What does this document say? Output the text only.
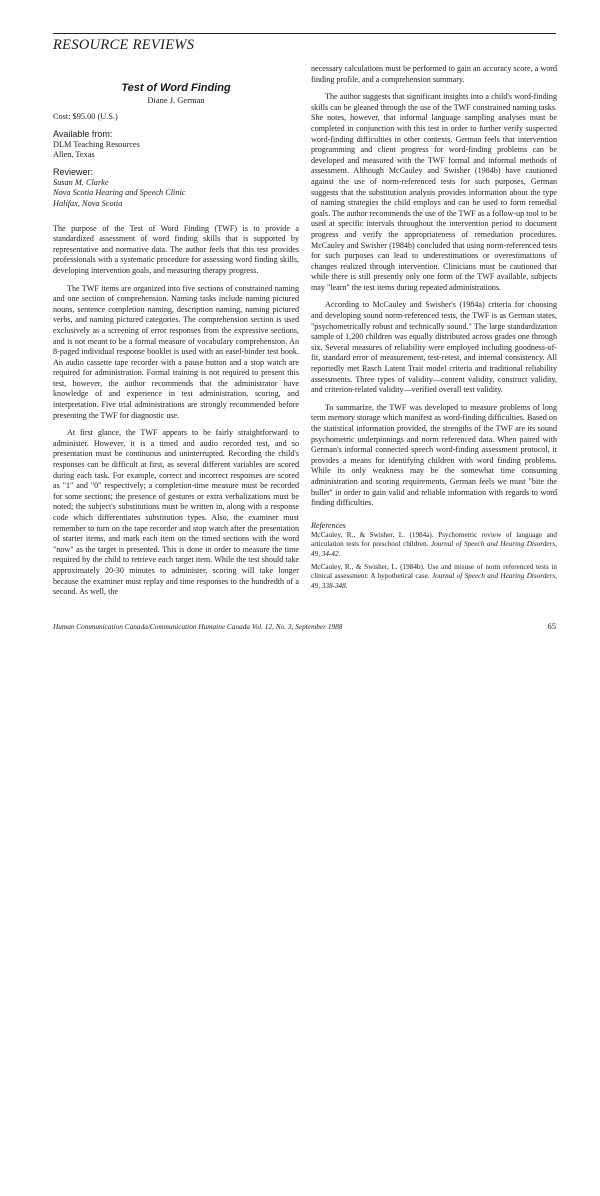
RESOURCE REVIEWS
Test of Word Finding
Diane J. German
Cost: $95.00 (U.S.)
Available from:
DLM Teaching Resources
Allen, Texas
Reviewer:
Susan M. Clarke
Nova Scotia Hearing and Speech Clinic
Halifax, Nova Scotia

The purpose of the Test of Word Finding (TWF) is to provide a standardized assessment of word finding skills that is supported by representative and normative data. The author feels that this test provides professionals with a systematic procedure for assessing word finding skills, developing intervention goals, and measuring therapy progress.

The TWF items are organized into five sections of constrained naming and one section of comprehension. Naming tasks include naming pictured nouns, sentence completion naming, description naming, naming pictured verbs, and naming pictured categories. The comprehension section is used exclusively as a screening of error responses from the expressive sections, and is not meant to be a formal measure of vocabulary comprehension. An 8-paged individual response booklet is used with an easel-binder test book. An audio cassette tape recorder with a pause button and a stop watch are required for administration. Formal training is not required to present this test, however, the author recommends that the administrator have knowledge of and experience in test administration, scoring, and interpretation. Five trial administrations are strongly recommended before presenting the TWF for diagnostic use.

At first glance, the TWF appears to be fairly straightforward to administer. However, it is a timed and audio recorded test, and so presentation must be continuous and uninterrupted. Recording the child's responses can be difficult at first, as several different variables are scored during each task. For example, correct and incorrect responses are scored as "1" and "0" respectively; a completion-time measure must be recorded for some sections; the presence of gestures or extra verbalizations must be noted; the subject's substitutions must be written in, along with a response code which differentiates substitution types. Also, the examiner must remember to turn on the tape recorder and stop watch after the presentation of starter items, and mark each item on the timed sections with the word "now" as the target is presented. This is done in order to measure the time required by the child to retrieve each target item. While the test should take approximately 20-30 minutes to administer, scoring will take longer because the examiner must replay and time responses to the hundredth of a second. As well, the

necessary calculations must be performed to gain an accuracy score, a word finding profile, and a comprehension summary.

The author suggests that significant insights into a child's word-finding skills can be gleaned through the use of the TWF constrained naming tasks. She notes, however, that informal language sampling analyses must be completed in conjunction with this test in order to further verify suspected word-finding difficulties in other contexts. German feels that intervention programming and client progress for word-finding problems can be developed and measured with the TWF formal and informal methods of assessment. Although McCauley and Swisher (1984b) have cautioned against the use of norm-referenced tests for such purposes, German suggests that the substitution analysis provides information about the type of naming strategies the child employs and can be used to form remedial goals. The author recommends the use of the TWF as a follow-up tool to be used at specific intervals throughout the intervention period to document progress and verify the appropriateness of remediation procedures. McCauley and Swisher (1984b) concluded that using norm-referenced tests for such purposes can lead to underestimations or overestimations of changes realized through intervention. Clinicians must be cautioned that while there is still presently only one form of the TWF available, subjects may "learn" the test items during repeated administrations.

According to McCauley and Swisher's (1984a) criteria for choosing and developing sound norm-referenced tests, the TWF is as German states, "psychometrically robust and technically sound." The large standardization sample of 1,200 children was equally distributed across grades one through six. Several measures of reliability were employed including goodness-of-fit, standard error of measurement, test-retest, and internal consistency. All reportedly met Rasch Latent Trait model criteria and traditional reliability assessments. Three types of validity—content validity, construct validity, and criterion-related validity—verified overall test validity.

To summarize, the TWF was developed to measure problems of long term memory storage which manifest as word-finding difficulties. Based on the statistical information provided, the strengths of the TWF are its sound psychometric underpinnings and norm referenced data. When paired with German's informal connected speech word-finding assessment protocol, it provides a means for identifying children with word finding problems. While its only weakness may be the somewhat time consuming administration and scoring requirements, German feels we must "bite the bullet" in order to gain valid and reliable information with regards to word finding difficulties.

References
McCauley, R., & Swisher, L. (1984a). Psychometric review of language and articulation tests for preschool children. Journal of Speech and Hearing Disorders, 49, 34-42.
McCauley, R., & Swisher, L. (1984b). Use and misuse of norm referenced tests in clinical assessment: A hypothetical case. Journal of Speech and Hearing Disorders, 49, 338-348.
Human Communication Canada/Communication Humaine Canada Vol. 12, No. 3, September 1988	65
